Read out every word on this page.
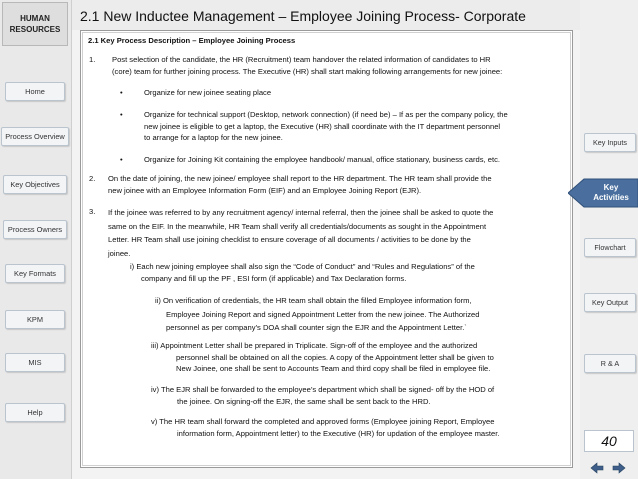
HUMAN
RESOURCES
Home
Process Overview
Key Objectives
Process Owners
Key Formats
KPM
MIS
Help
2.1 New Inductee Management – Employee Joining Process- Corporate
2.1 Key Process Description – Employee Joining Process
1. Post selection of the candidate, the HR (Recruitment) team handover the related information of candidates to HR
(core) team for further joining process. The Executive (HR) shall start making following arrangements for new joinee:
•	Organize for new joinee seating place
•	Organize for technical support (Desktop, network connection) (if need be) – If as per the company policy, the
new joinee is eligible to get a laptop, the Executive (HR) shall coordinate with the IT department personnel
to arrange for a laptop for the new joinee.
•	Organize for Joining Kit containing the employee handbook/ manual, office stationary, business cards, etc.
2. On the date of joining, the new joinee/ employee shall report to the HR department. The HR team shall provide the
new joinee with an Employee Information Form (EIF) and an Employee Joining Report (EJR).
3. If the joinee was referred to by any recruitment agency/ internal referral, then the joinee shall be asked to quote the
same on the EIF. In the meanwhile, HR Team shall verify all credentials/documents as sought in the Appointment
Letter. HR Team shall use joining checklist to ensure coverage of all documents / activities to be done by the
joinee.
i) Each new joining employee shall also sign the “Code of Conduct” and “Rules and Regulations” of the
company and fill up the PF , ESI form (if applicable) and Tax Declaration forms.
ii) On verification of credentials, the HR team shall obtain the filled Employee information form,
Employee Joining Report and signed Appointment Letter from the new joinee. The Authorized
personnel as per company’s DOA shall counter sign the EJR and the Appointment Letter.`
iii) Appointment Letter shall be prepared in Triplicate. Sign-off of the employee and the authorized
personnel shall be obtained on all the copies. A copy of the Appointment letter shall be given to
New Joinee, one shall be sent to Accounts Team and third copy shall be filed in employee file.
iv) The EJR shall be forwarded to the employee’s department which shall be signed- off by the HOD of
the joinee. On signing-off the EJR, the same shall be sent back to the HRD.
v) The HR team shall forward the completed and approved forms (Employee joining Report, Employee
information form, Appointment letter) to the Executive (HR) for updation of the employee master.
Key Inputs
Key
Activities
Flowchart
Key Output
R & A
40
